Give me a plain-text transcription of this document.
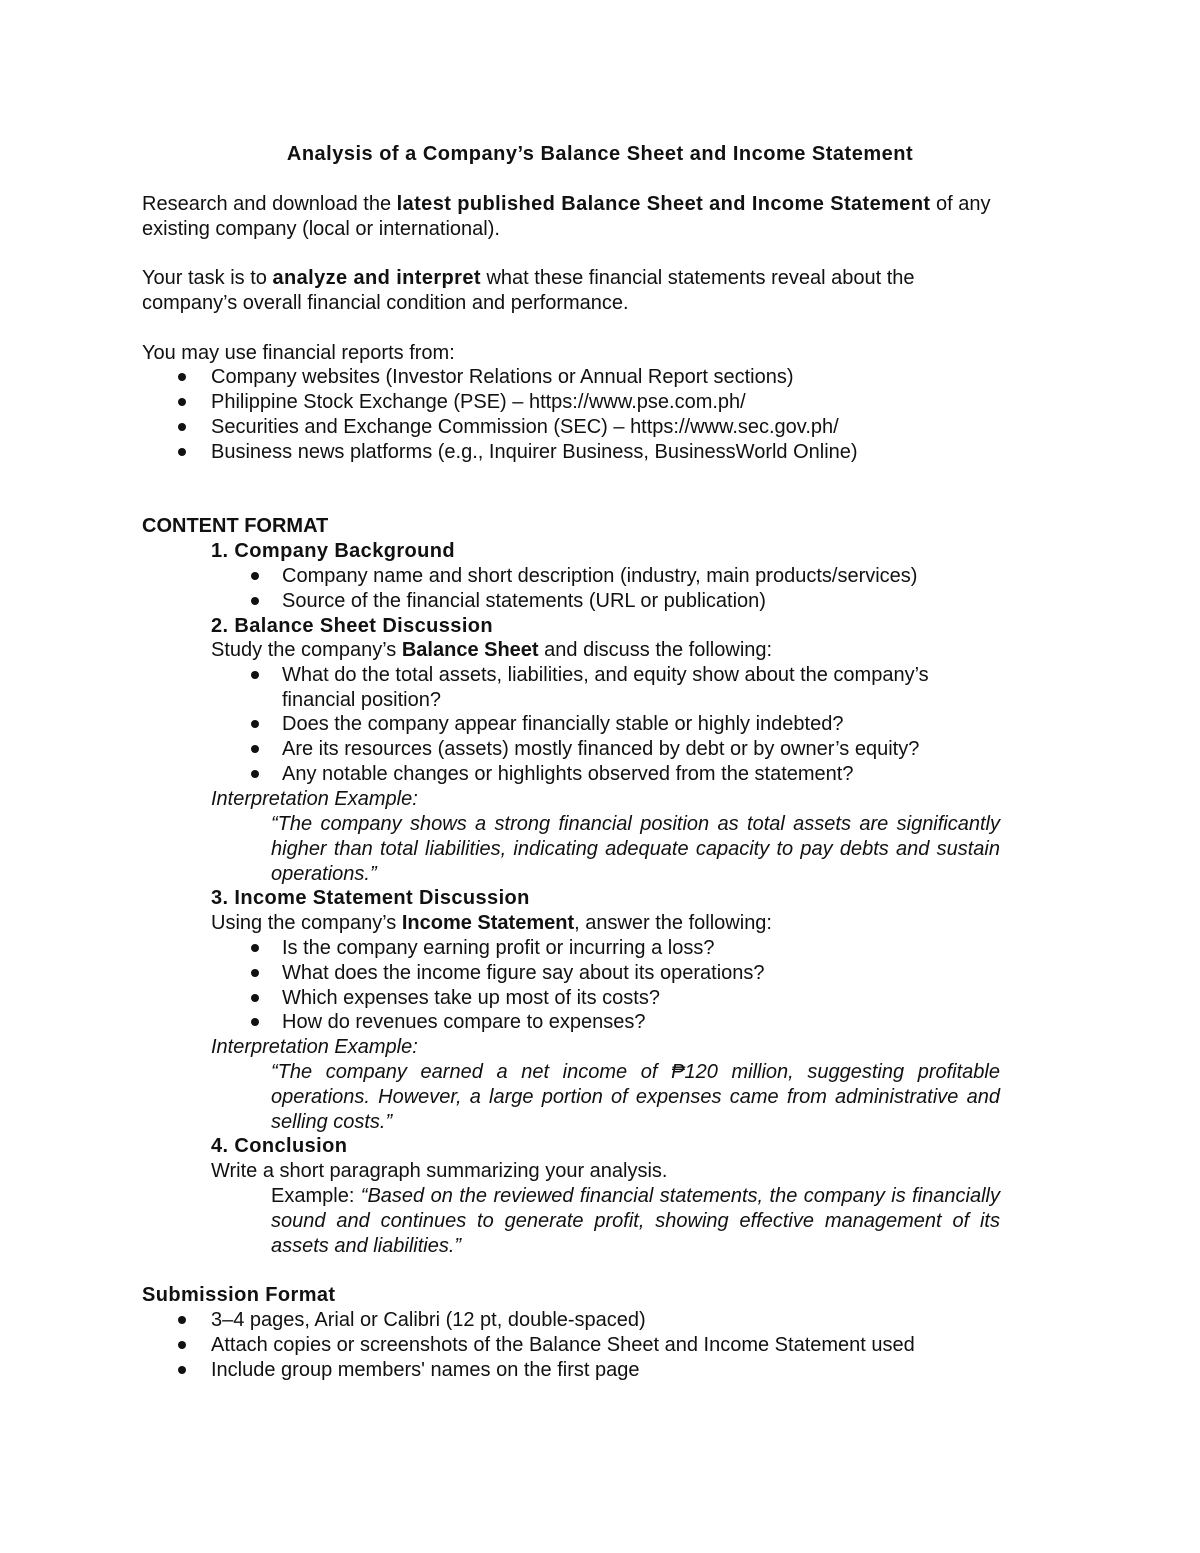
Analysis of a Company’s Balance Sheet and Income Statement
Research and download the latest published Balance Sheet and Income Statement of any
existing company (local or international).
Your task is to analyze and interpret what these financial statements reveal about the
company’s overall financial condition and performance.
You may use financial reports from:
Company websites (Investor Relations or Annual Report sections)
Philippine Stock Exchange (PSE) – https://www.pse.com.ph/
Securities and Exchange Commission (SEC) – https://www.sec.gov.ph/
Business news platforms (e.g., Inquirer Business, BusinessWorld Online)
CONTENT FORMAT
1. Company Background
Company name and short description (industry, main products/services)
Source of the financial statements (URL or publication)
2. Balance Sheet Discussion
Study the company’s Balance Sheet and discuss the following:
What do the total assets, liabilities, and equity show about the company’s
financial position?
Does the company appear financially stable or highly indebted?
Are its resources (assets) mostly financed by debt or by owner’s equity?
Any notable changes or highlights observed from the statement?
Interpretation Example:
“The company shows a strong financial position as total assets are significantly higher than total liabilities, indicating adequate capacity to pay debts and sustain operations.”
3. Income Statement Discussion
Using the company’s Income Statement, answer the following:
Is the company earning profit or incurring a loss?
What does the income figure say about its operations?
Which expenses take up most of its costs?
How do revenues compare to expenses?
Interpretation Example:
“The company earned a net income of ₱120 million, suggesting profitable operations. However, a large portion of expenses came from administrative and selling costs.”
4. Conclusion
Write a short paragraph summarizing your analysis.
Example: “Based on the reviewed financial statements, the company is financially sound and continues to generate profit, showing effective management of its assets and liabilities.”
Submission Format
3–4 pages, Arial or Calibri (12 pt, double-spaced)
Attach copies or screenshots of the Balance Sheet and Income Statement used
Include group members' names on the first page
